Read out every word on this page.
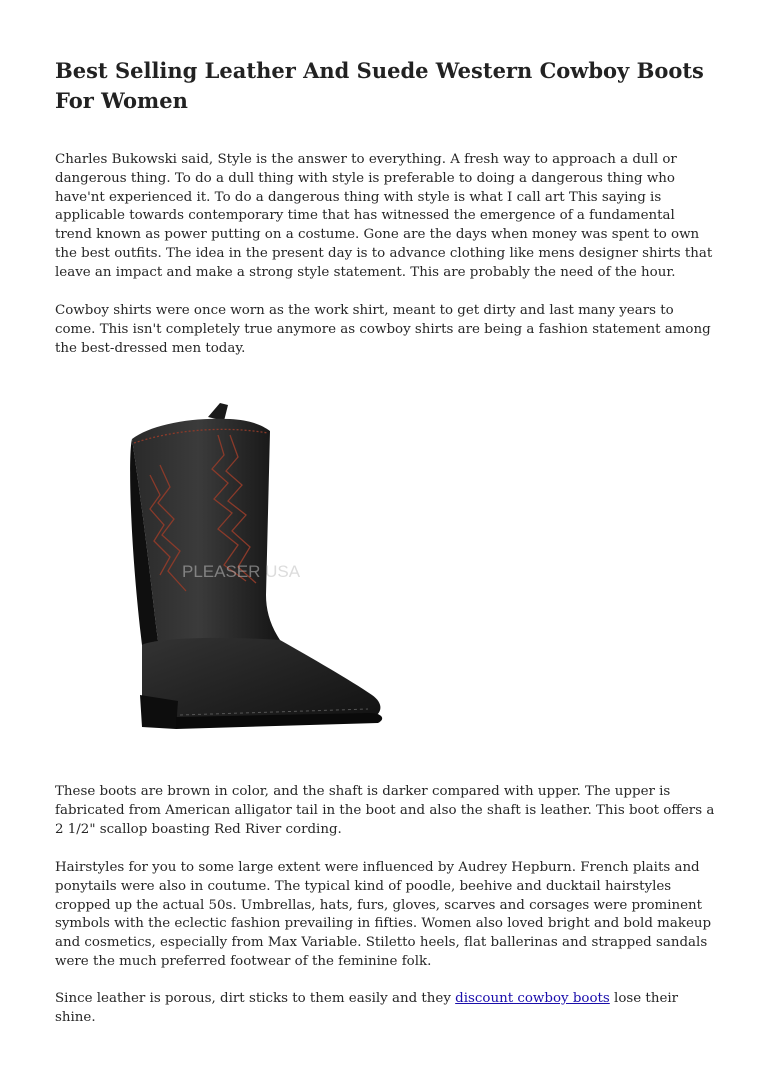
Best Selling Leather And Suede Western Cowboy Boots For Women

Charles Bukowski said, Style is the answer to everything. A fresh way to approach a dull or dangerous thing. To do a dull thing with style is preferable to doing a dangerous thing who have'nt experienced it. To do a dangerous thing with style is what I call art This saying is applicable towards contemporary time that has witnessed the emergence of a fundamental trend known as power putting on a costume. Gone are the days when money was spent to own the best outfits. The idea in the present day is to advance clothing like mens designer shirts that leave an impact and make a strong style statement. This are probably the need of the hour.

Cowboy shirts were once worn as the work shirt, meant to get dirty and last many years to come. This isn't completely true anymore as cowboy shirts are being a fashion statement among the best-dressed men today.

PLEASER USA

These boots are brown in color, and the shaft is darker compared with upper. The upper is fabricated from American alligator tail in the boot and also the shaft is leather. This boot offers a 2 1/2" scallop boasting Red River cording.

Hairstyles for you to some large extent were influenced by Audrey Hepburn. French plaits and ponytails were also in coutume. The typical kind of poodle, beehive and ducktail hairstyles cropped up the actual 50s. Umbrellas, hats, furs, gloves, scarves and corsages were prominent symbols with the eclectic fashion prevailing in fifties. Women also loved bright and bold makeup and cosmetics, especially from Max Variable. Stiletto heels, flat ballerinas and strapped sandals were the much preferred footwear of the feminine folk.

Since leather is porous, dirt sticks to them easily and they discount cowboy boots lose their shine.
